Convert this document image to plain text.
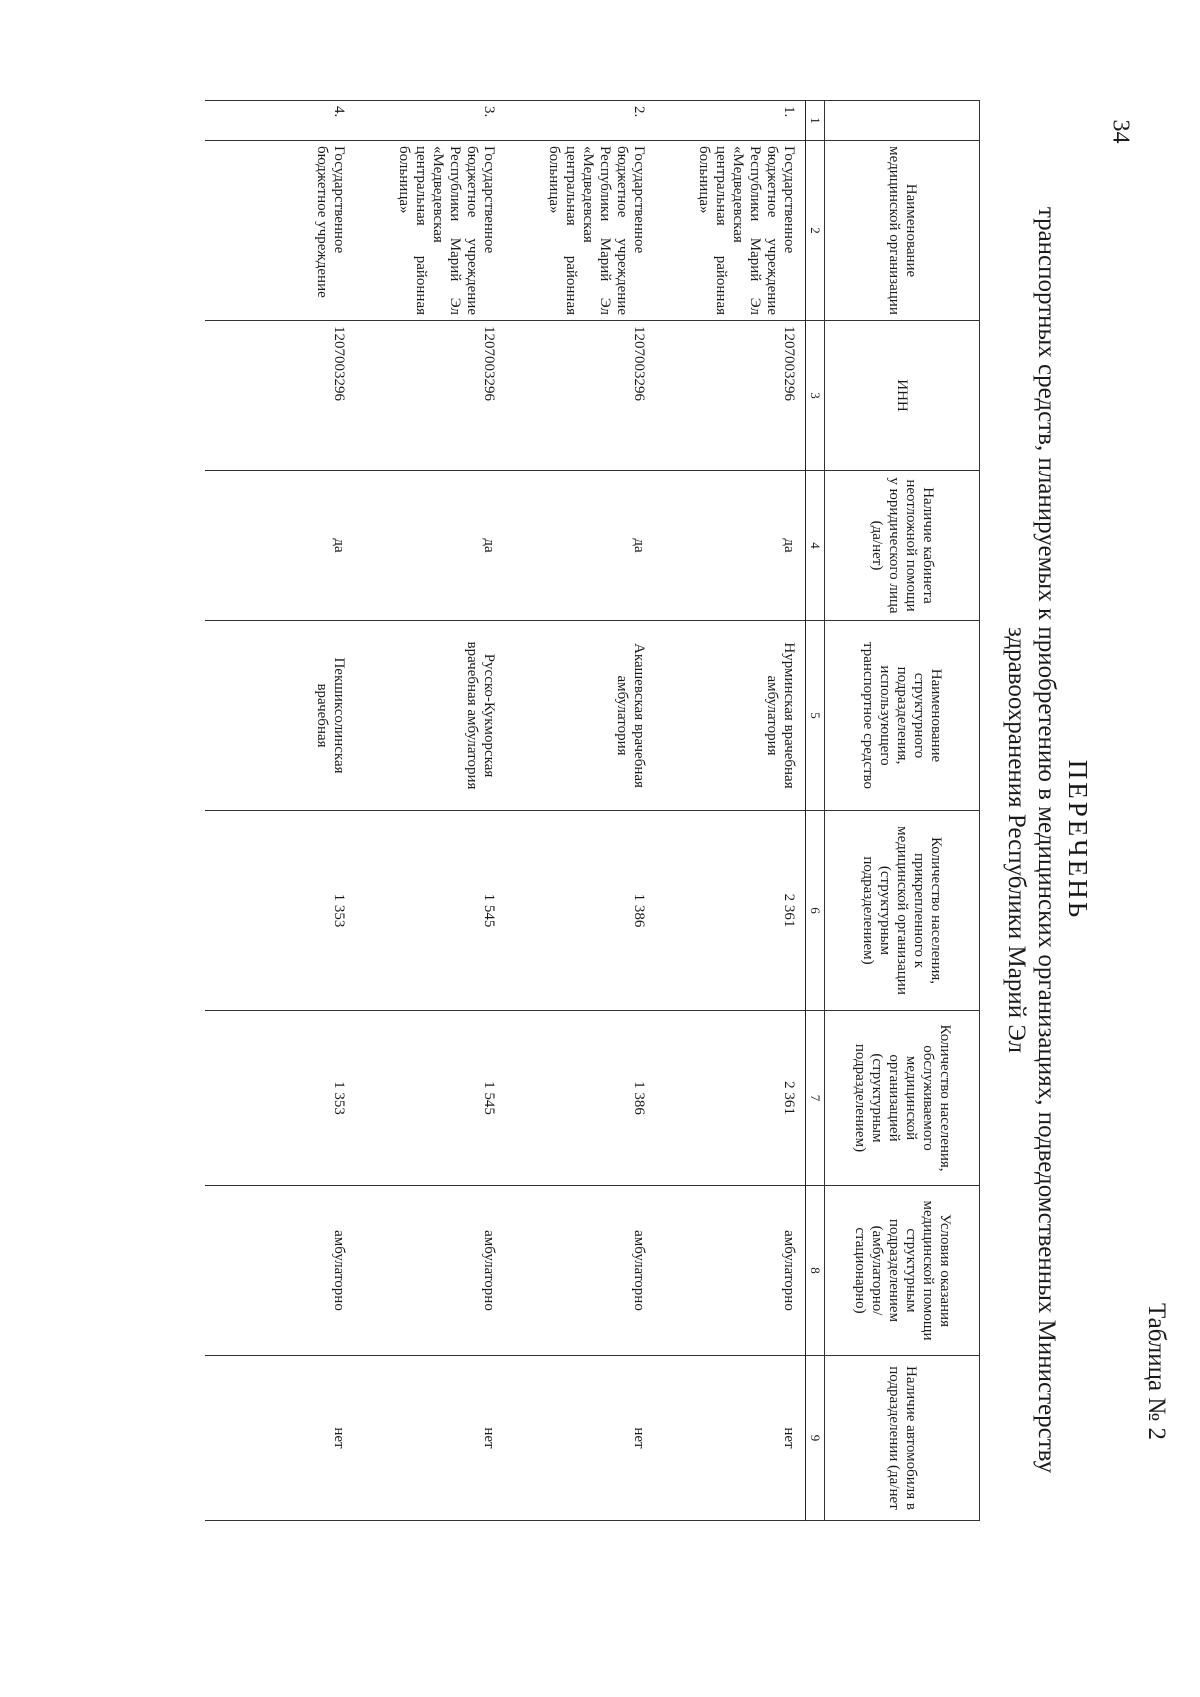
34
Таблица № 2
ПЕРЕЧЕНЬ
транспортных средств, планируемых к приобретению в медицинских организациях, подведомственных Министерству здравоохранения Республики Марий Эл
	Наименование медицинской организации	ИНН	Наличие кабинета неотложной помощи у юридического лица (да/нет)	Наименование структурного подразделения, использующего транспортное средство	Количество населения, прикрепленного к медицинской организации (структурным подразделением)	Количество населения, обслуживаемого медицинской организацией (структурным подразделением)	Условия оказания медицинской помощи структурным подразделением (амбулаторно/стационарно)	Наличие автомобиля в подразделении (да/нет
1	2	3	4	5	6	7	8	9
1.	Государственное бюджетное учреждение Республики Марий Эл «Медведевская центральная районная больница»	1207003296	да	Нурминская врачебная амбулатория	2 361	2 361	амбулаторно	нет
2.	Государственное бюджетное учреждение Республики Марий Эл «Медведевская центральная районная больница»	1207003296	да	Акашевская врачебная амбулатория	1 386	1 386	амбулаторно	нет
3.	Государственное бюджетное учреждение Республики Марий Эл «Медведевская центральная районная больница»	1207003296	да	Русско-Кукморская врачебная амбулатория	1 545	1 545	амбулаторно	нет
4.	Государственное бюджетное учреждение	1207003296	да	Пекшиксолинская врачебная	1 353	1 353	амбулаторно	нет
